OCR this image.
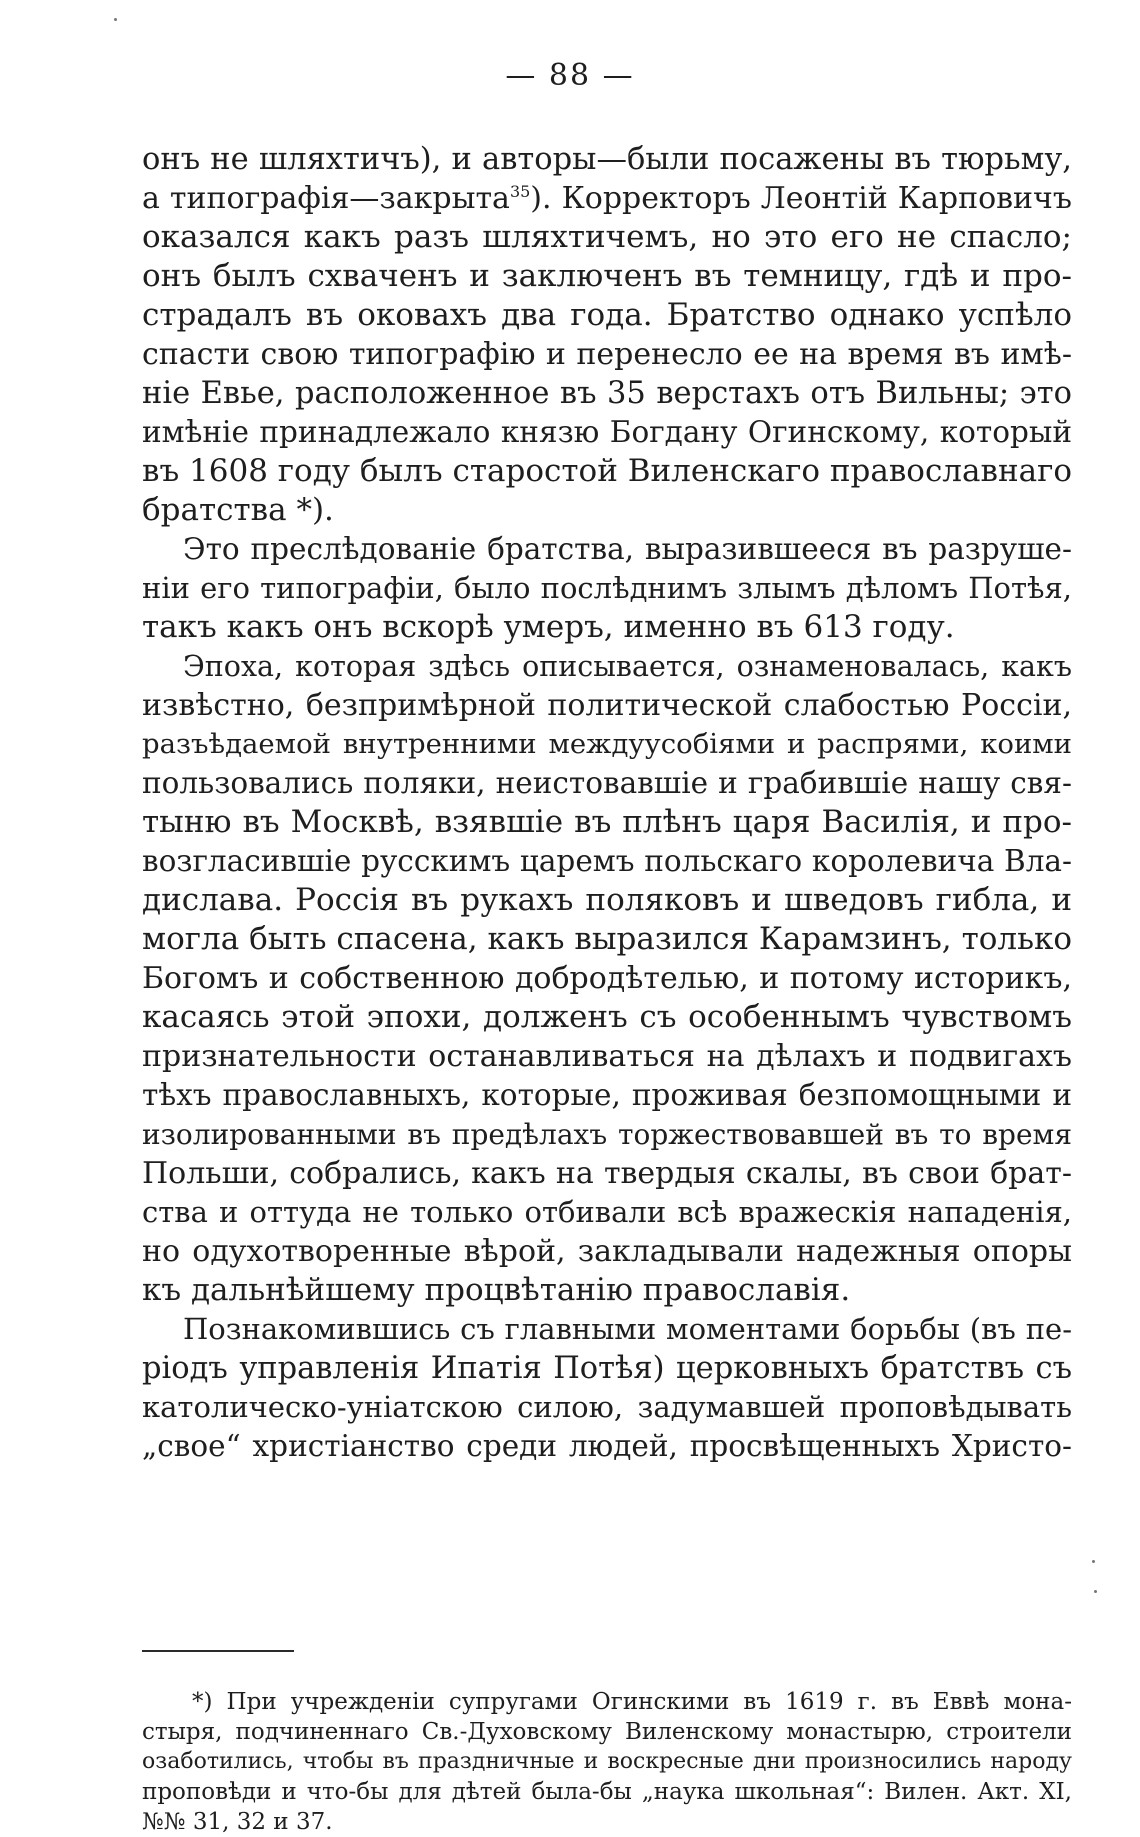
— 88 —
онъ не шляхтичъ), и авторы—были посажены въ тюрьму,
а типографія—закрыта$^{35}$). Корректоръ Леонтій Карповичъ
оказался какъ разъ шляхтичемъ, но это его не спасло;
онъ былъ схваченъ и заключенъ въ темницу, гдѣ и про-
страдалъ въ оковахъ два года. Братство однако успѣло
спасти свою типографію и перенесло ее на время въ имѣ-
ніе Евье, расположенное въ 35 верстахъ отъ Вильны; это
имѣніе принадлежало князю Богдану Огинскому, который
въ 1608 году былъ старостой Виленскаго православнаго
братства *).
Это преслѣдованіе братства, выразившееся въ разруше-
ніи его типографіи, было послѣднимъ злымъ дѣломъ Потѣя,
такъ какъ онъ вскорѣ умеръ, именно въ 613 году.
Эпоха, которая здѣсь описывается, ознаменовалась, какъ
извѣстно, безпримѣрной политической слабостью Россіи,
разъѣдаемой внутренними междуусобіями и распрями, коими
пользовались поляки, неистовавшіе и грабившіе нашу свя-
тыню въ Москвѣ, взявшіе въ плѣнъ царя Василія, и про-
возгласившіе русскимъ царемъ польскаго королевича Вла-
дислава. Россія въ рукахъ поляковъ и шведовъ гибла, и
могла быть спасена, какъ выразился Карамзинъ, только
Богомъ и собственною добродѣтелью, и потому историкъ,
касаясь этой эпохи, долженъ съ особеннымъ чувствомъ
признательности останавливаться на дѣлахъ и подвигахъ
тѣхъ православныхъ, которые, проживая безпомощными и
изолированными въ предѣлахъ торжествовавшей въ то время
Польши, собрались, какъ на твердыя скалы, въ свои брат-
ства и оттуда не только отбивали всѣ вражескія нападенія,
но одухотворенные вѣрой, закладывали надежныя опоры
къ дальнѣйшему процвѣтанію православія.
Познакомившись съ главными моментами борьбы (въ пе-
ріодъ управленія Ипатія Потѣя) церковныхъ братствъ съ
католическо-уніатскою силою, задумавшей проповѣдывать
„свое“ христіанство среди людей, просвѣщенныхъ Христо-
*) При учрежденіи супругами Огинскими въ 1619 г. въ Еввѣ мона-
стыря, подчиненнаго Св.-Духовскому Виленскому монастырю, строители
озаботились, чтобы въ праздничные и воскресные дни произносились народу
проповѣди и что-бы для дѣтей была-бы „наука школьная“: Вилен. Акт. XI,
№№ 31, 32 и 37.
